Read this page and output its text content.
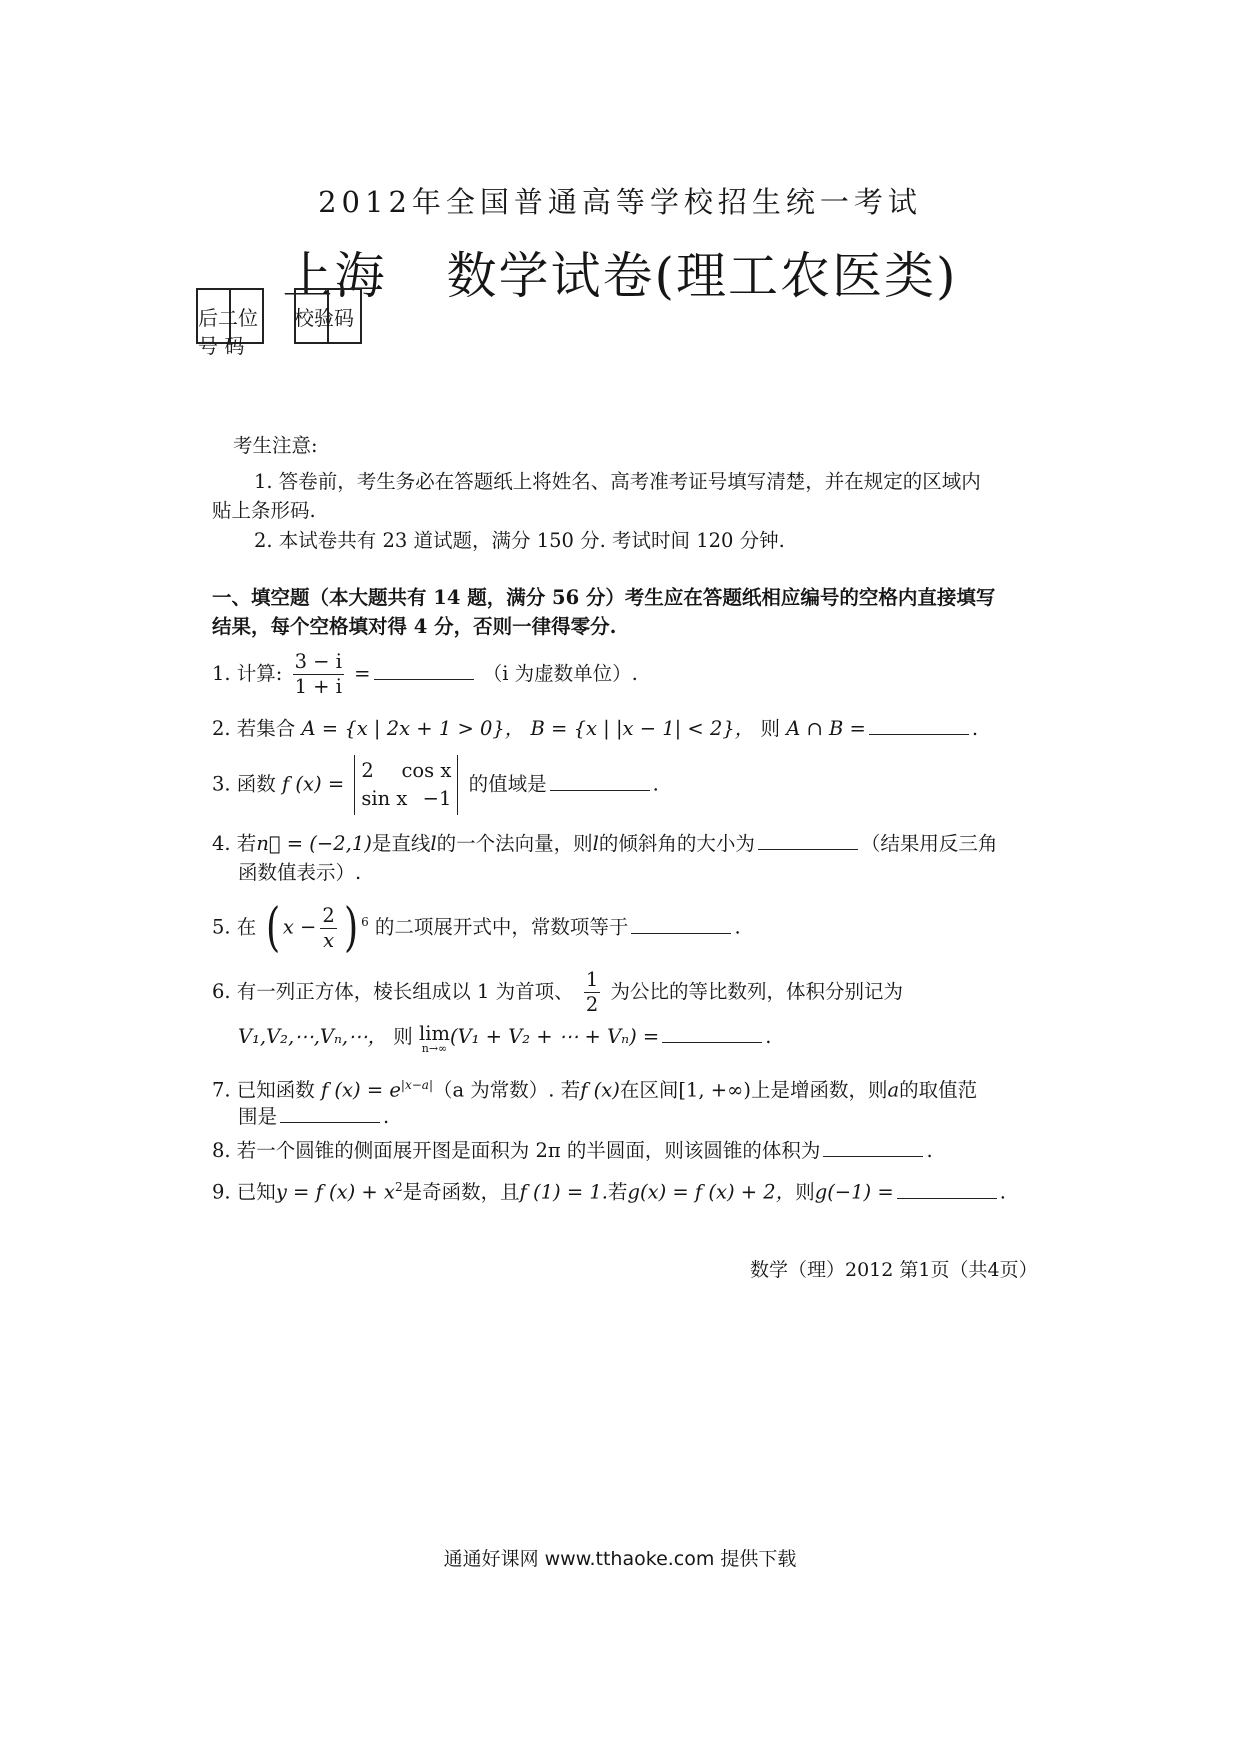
2012年全国普通高等学校招生统一考试
上海 数学试卷(理工农医类)
后二位
号 码
校验码
考生注意:
1. 答卷前，考生务必在答题纸上将姓名、高考准考证号填写清楚，并在规定的区域内
贴上条形码.
2. 本试卷共有 23 道试题，满分 150 分. 考试时间 120 分钟.
一、填空题（本大题共有 14 题，满分 56 分）考生应在答题纸相应编号的空格内直接填写
结果，每个空格填对得 4 分，否则一律得零分.
1. 计算: $\frac{3 - i}{1 + i}$ =	（i 为虚数单位）.
2. 若集合 A = {x | 2x + 1 > 0}， B = {x | |x − 1| < 2}， 则 A ∩ B =	.
3. 函数 f (x) =
2 cos x
sin x −1
的值域是	.
4. 若n⃗ = (−2,1)是直线l的一个法向量，则l的倾斜角的大小为	（结果用反三角
函数值表示）.
5. 在 ( $x - \frac{2}{x}$ ) $^6$ 的二项展开式中，常数项等于	.
6. 有一列正方体，棱长组成以 1 为首项、 $\frac{1}{2}$ 为公比的等比数列，体积分别记为
V₁,V₂,⋯,Vₙ,⋯， 则 lim
n→∞
(V₁ + V₂ + ⋯ + Vₙ) =	.
7. 已知函数 f $(x) = e^{|x-a|}(a$ 为常数）. 若f (x)在区间[1, +∞)上是增函数，则a的取值范
围是	.
8. 若一个圆锥的侧面展开图是面积为 2π 的半圆面，则该圆锥的体积为	.
9. 已知y = f $(x) + x^2$是奇函数，且f (1) = 1.若g(x) = f (x) + 2，则g(−1) =	.
数学（理）2012 第1页（共4页）
通通好课网 www.tthaoke.com 提供下载
